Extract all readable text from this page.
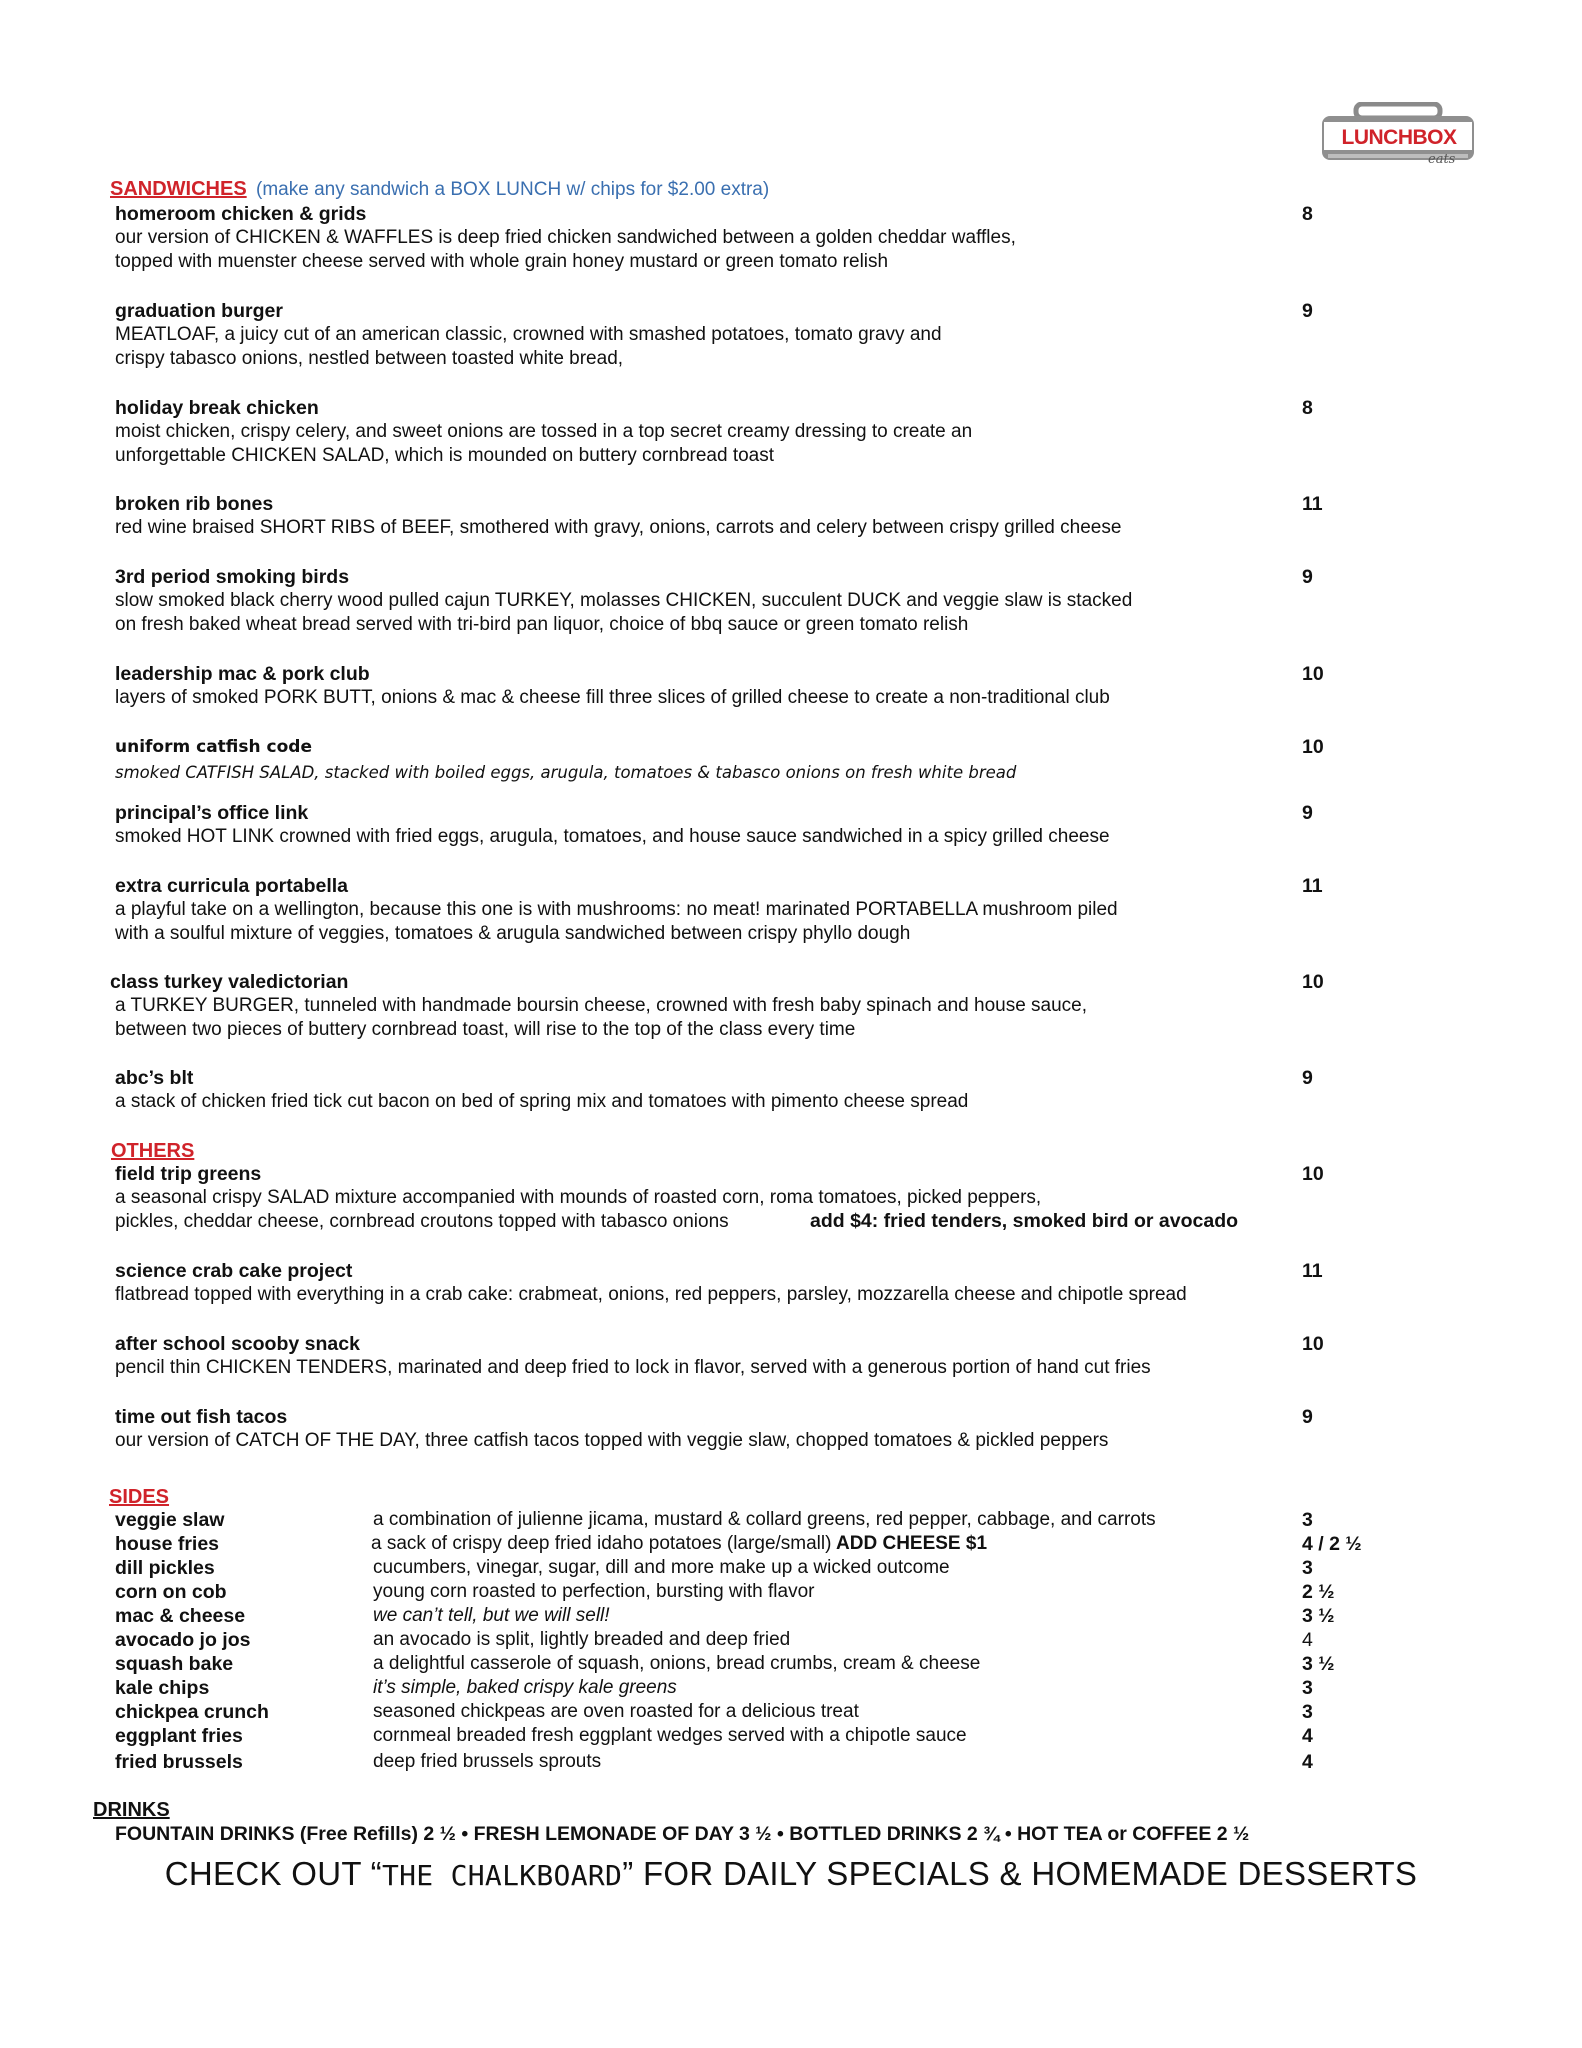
LUNCHBOX
eats
SANDWICHES (make any sandwich a BOX LUNCH w/ chips for $2.00 extra)
homeroom chicken & grids	8
our version of CHICKEN & WAFFLES is deep fried chicken sandwiched between a golden cheddar waffles,
topped with muenster cheese served with whole grain honey mustard or green tomato relish
graduation burger	9
MEATLOAF, a juicy cut of an american classic, crowned with smashed potatoes, tomato gravy and
crispy tabasco onions, nestled between toasted white bread,
holiday break chicken	8
moist chicken, crispy celery, and sweet onions are tossed in a top secret creamy dressing to create an
unforgettable CHICKEN SALAD, which is mounded on buttery cornbread toast
broken rib bones	11
red wine braised SHORT RIBS of BEEF, smothered with gravy, onions, carrots and celery between crispy grilled cheese
3rd period smoking birds	9
slow smoked black cherry wood pulled cajun TURKEY, molasses CHICKEN, succulent DUCK and veggie slaw is stacked
on fresh baked wheat bread served with tri-bird pan liquor, choice of bbq sauce or green tomato relish
leadership mac & pork club	10
layers of smoked PORK BUTT, onions & mac & cheese fill three slices of grilled cheese to create a non-traditional club
uniform catfish code	10
smoked CATFISH SALAD, stacked with boiled eggs, arugula, tomatoes & tabasco onions on fresh white bread
principal’s office link	9
smoked HOT LINK crowned with fried eggs, arugula, tomatoes, and house sauce sandwiched in a spicy grilled cheese
extra curricula portabella	11
a playful take on a wellington, because this one is with mushrooms: no meat! marinated PORTABELLA mushroom piled
with a soulful mixture of veggies, tomatoes & arugula sandwiched between crispy phyllo dough
class turkey valedictorian	10
a TURKEY BURGER, tunneled with handmade boursin cheese, crowned with fresh baby spinach and house sauce,
between two pieces of buttery cornbread toast, will rise to the top of the class every time
abc’s blt	9
a stack of chicken fried tick cut bacon on bed of spring mix and tomatoes with pimento cheese spread
OTHERS
field trip greens	10
a seasonal crispy SALAD mixture accompanied with mounds of roasted corn, roma tomatoes, picked peppers,
pickles, cheddar cheese, cornbread croutons topped with tabasco onions	add $4: fried tenders, smoked bird or avocado
science crab cake project	11
flatbread topped with everything in a crab cake: crabmeat, onions, red peppers, parsley, mozzarella cheese and chipotle spread
after school scooby snack	10
pencil thin CHICKEN TENDERS, marinated and deep fried to lock in flavor, served with a generous portion of hand cut fries
time out fish tacos	9
our version of CATCH OF THE DAY, three catfish tacos topped with veggie slaw, chopped tomatoes & pickled peppers
SIDES
veggie slaw	a combination of julienne jicama, mustard & collard greens, red pepper, cabbage, and carrots	3
house fries	a sack of crispy deep fried idaho potatoes (large/small) ADD CHEESE $1	4 / 2 ½
dill pickles	cucumbers, vinegar, sugar, dill and more make up a wicked outcome	3
corn on cob	young corn roasted to perfection, bursting with flavor	2 ½
mac & cheese	we can’t tell, but we will sell!	3 ½
avocado jo jos	an avocado is split, lightly breaded and deep fried	4
squash bake	a delightful casserole of squash, onions, bread crumbs, cream & cheese	3 ½
kale chips	it’s simple, baked crispy kale greens	3
chickpea crunch	seasoned chickpeas are oven roasted for a delicious treat	3
eggplant fries	cornmeal breaded fresh eggplant wedges served with a chipotle sauce	4
fried brussels	deep fried brussels sprouts	4
DRINKS
FOUNTAIN DRINKS (Free Refills) 2 ½ • FRESH LEMONADE OF DAY 3 ½ • BOTTLED DRINKS 2 ¾ • HOT TEA or COFFEE 2 ½
CHECK OUT “THE CHALKBOARD” FOR DAILY SPECIALS & HOMEMADE DESSERTS
